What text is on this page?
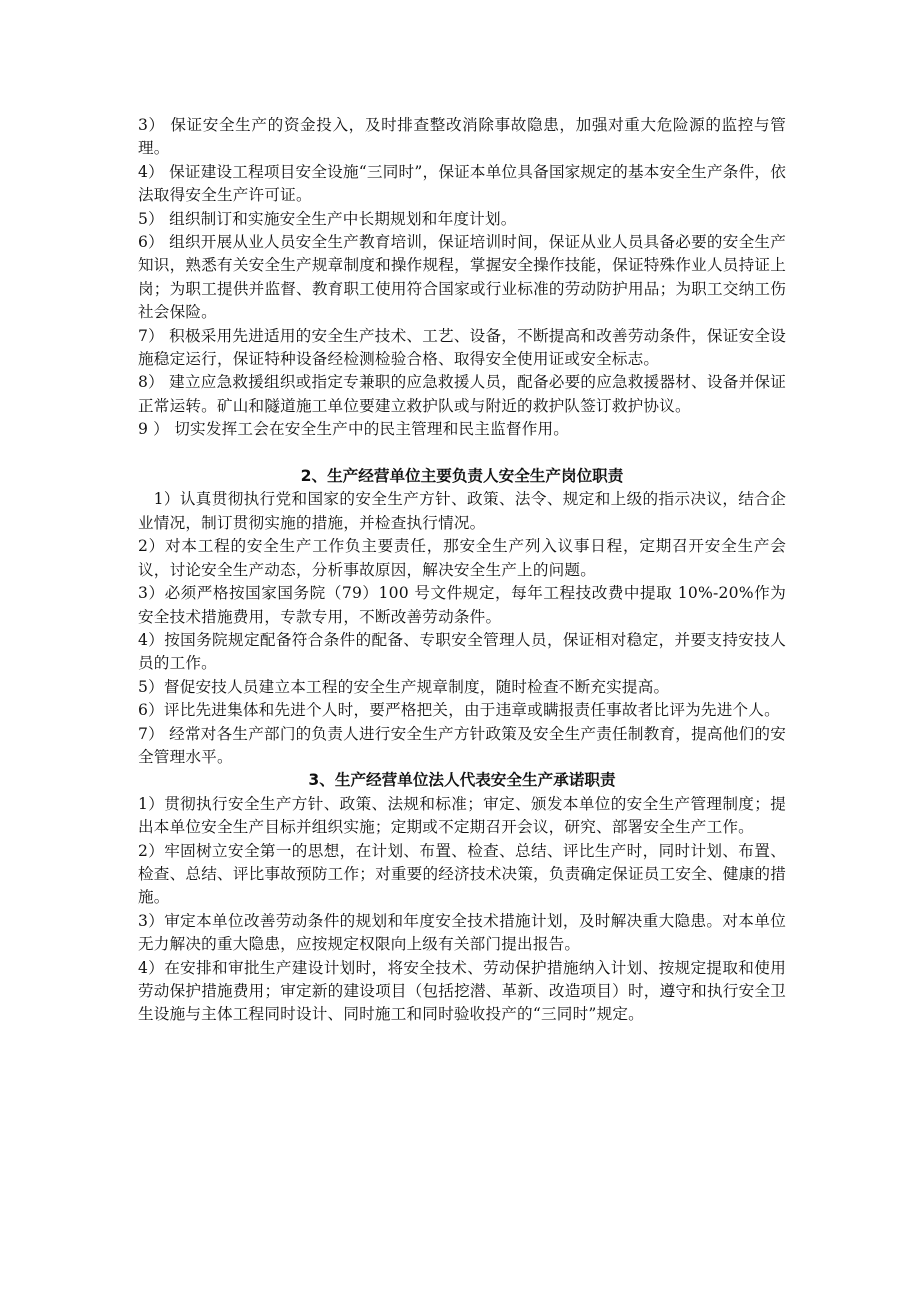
3） 保证安全生产的资金投入，及时排查整改消除事故隐患，加强对重大危险源的监控与管理。

4） 保证建设工程项目安全设施“三同时”，保证本单位具备国家规定的基本安全生产条件，依法取得安全生产许可证。

5） 组织制订和实施安全生产中长期规划和年度计划。

6） 组织开展从业人员安全生产教育培训，保证培训时间，保证从业人员具备必要的安全生产知识，熟悉有关安全生产规章制度和操作规程，掌握安全操作技能，保证特殊作业人员持证上岗；为职工提供并监督、教育职工使用符合国家或行业标准的劳动防护用品；为职工交纳工伤社会保险。

7） 积极采用先进适用的安全生产技术、工艺、设备，不断提高和改善劳动条件，保证安全设施稳定运行，保证特种设备经检测检验合格、取得安全使用证或安全标志。

8） 建立应急救援组织或指定专兼职的应急救援人员，配备必要的应急救援器材、设备并保证正常运转。矿山和隧道施工单位要建立救护队或与附近的救护队签订救护协议。

9 ） 切实发挥工会在安全生产中的民主管理和民主监督作用。

2、生产经营单位主要负责人安全生产岗位职责

1）认真贯彻执行党和国家的安全生产方针、政策、法令、规定和上级的指示决议，结合企业情况，制订贯彻实施的措施，并检查执行情况。

2）对本工程的安全生产工作负主要责任，那安全生产列入议事日程，定期召开安全生产会议，讨论安全生产动态，分析事故原因，解决安全生产上的问题。

3）必须严格按国家国务院（79）100 号文件规定，每年工程技改费中提取 10%-20%作为安全技术措施费用，专款专用，不断改善劳动条件。

4）按国务院规定配备符合条件的配备、专职安全管理人员，保证相对稳定，并要支持安技人员的工作。

5）督促安技人员建立本工程的安全生产规章制度，随时检查不断充实提高。

6）评比先进集体和先进个人时，要严格把关，由于违章或瞒报责任事故者比评为先进个人。

7） 经常对各生产部门的负责人进行安全生产方针政策及安全生产责任制教育，提高他们的安全管理水平。

3、生产经营单位法人代表安全生产承诺职责

1）贯彻执行安全生产方针、政策、法规和标准；审定、颁发本单位的安全生产管理制度；提出本单位安全生产目标并组织实施；定期或不定期召开会议，研究、部署安全生产工作。

2）牢固树立安全第一的思想，在计划、布置、检查、总结、评比生产时，同时计划、布置、检查、总结、评比事故预防工作；对重要的经济技术决策，负责确定保证员工安全、健康的措施。

3）审定本单位改善劳动条件的规划和年度安全技术措施计划，及时解决重大隐患。对本单位无力解决的重大隐患，应按规定权限向上级有关部门提出报告。

4）在安排和审批生产建设计划时，将安全技术、劳动保护措施纳入计划、按规定提取和使用劳动保护措施费用；审定新的建设项目（包括挖潜、革新、改造项目）时，遵守和执行安全卫生设施与主体工程同时设计、同时施工和同时验收投产的“三同时”规定。
